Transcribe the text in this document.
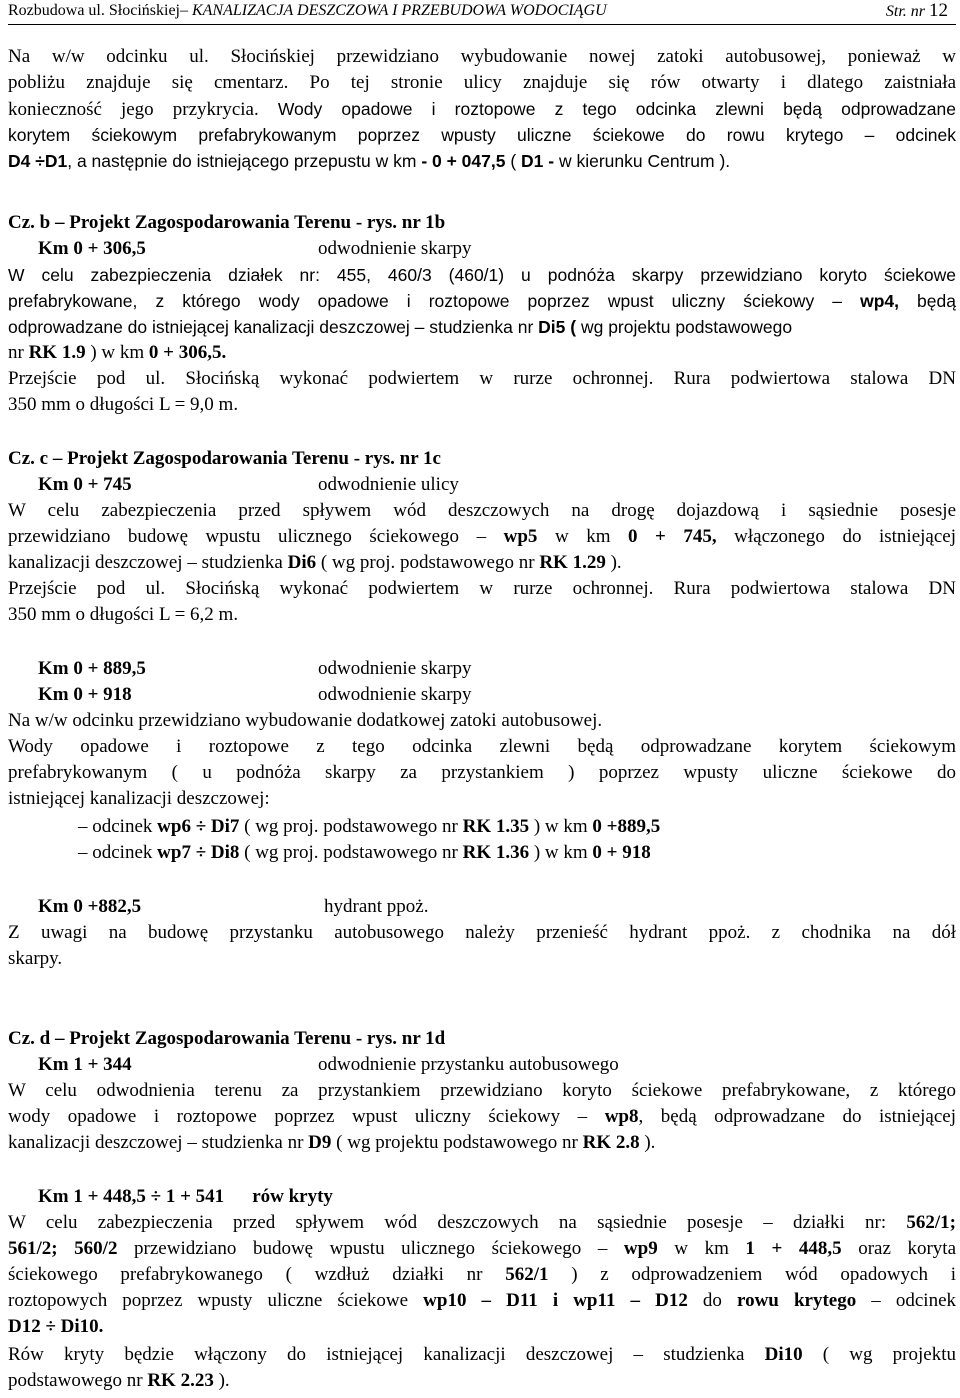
Rozbudowa ul. Słocińskiej– KANALIZACJA DESZCZOWA I PRZEBUDOWA WODOCIĄGU	Str. nr 12
Na w/w odcinku ul. Słocińskiej przewidziano wybudowanie nowej zatoki autobusowej, ponieważ w
pobliżu znajduje się cmentarz. Po tej stronie ulicy znajduje się rów otwarty i dlatego zaistniała
konieczność jego przykrycia. Wody opadowe i roztopowe z tego odcinka zlewni będą odprowadzane
korytem ściekowym prefabrykowanym poprzez wpusty uliczne ściekowe do rowu krytego – odcinek
D4 ÷D1, a następnie do istniejącego przepustu w km - 0 + 047,5 ( D1 - w kierunku Centrum ).
Cz. b – Projekt Zagospodarowania Terenu - rys. nr 1b
Km 0 + 306,5	odwodnienie skarpy
W celu zabezpieczenia działek nr: 455, 460/3 (460/1) u podnóża skarpy przewidziano koryto ściekowe
prefabrykowane, z którego wody opadowe i roztopowe poprzez wpust uliczny ściekowy – wp4, będą
odprowadzane do istniejącej kanalizacji deszczowej – studzienka nr Di5 ( wg projektu podstawowego
nr RK 1.9 ) w km 0 + 306,5.
Przejście pod ul. Słocińską wykonać podwiertem w rurze ochronnej. Rura podwiertowa stalowa DN
350 mm o długości L = 9,0 m.
Cz. c – Projekt Zagospodarowania Terenu - rys. nr 1c
Km 0 + 745	odwodnienie ulicy
W celu zabezpieczenia przed spływem wód deszczowych na drogę dojazdową i sąsiednie posesje
przewidziano budowę wpustu ulicznego ściekowego – wp5 w km 0 + 745, włączonego do istniejącej
kanalizacji deszczowej – studzienka Di6 ( wg proj. podstawowego nr RK 1.29 ).
Przejście pod ul. Słocińską wykonać podwiertem w rurze ochronnej. Rura podwiertowa stalowa DN
350 mm o długości L = 6,2 m.
Km 0 + 889,5	odwodnienie skarpy
Km 0 + 918	odwodnienie skarpy
Na w/w odcinku przewidziano wybudowanie dodatkowej zatoki autobusowej.
Wody opadowe i roztopowe z tego odcinka zlewni będą odprowadzane korytem ściekowym
prefabrykowanym ( u podnóża skarpy za przystankiem ) poprzez wpusty uliczne ściekowe do
istniejącej kanalizacji deszczowej:
– odcinek wp6 ÷ Di7 ( wg proj. podstawowego nr RK 1.35 ) w km 0 +889,5
– odcinek wp7 ÷ Di8 ( wg proj. podstawowego nr RK 1.36 ) w km 0 + 918
Km 0 +882,5	hydrant ppoż.
Z uwagi na budowę przystanku autobusowego należy przenieść hydrant ppoż. z chodnika na dół
skarpy.
Cz. d – Projekt Zagospodarowania Terenu - rys. nr 1d
Km 1 + 344	odwodnienie przystanku autobusowego
W celu odwodnienia terenu za przystankiem przewidziano koryto ściekowe prefabrykowane, z którego
wody opadowe i roztopowe poprzez wpust uliczny ściekowy – wp8, będą odprowadzane do istniejącej
kanalizacji deszczowej – studzienka nr D9 ( wg projektu podstawowego nr RK 2.8 ).
Km 1 + 448,5 ÷ 1 + 541 rów kryty
W celu zabezpieczenia przed spływem wód deszczowych na sąsiednie posesje – działki nr: 562/1;
561/2; 560/2 przewidziano budowę wpustu ulicznego ściekowego – wp9 w km 1 + 448,5 oraz koryta
ściekowego prefabrykowanego ( wzdłuż działki nr 562/1 ) z odprowadzeniem wód opadowych i
roztopowych poprzez wpusty uliczne ściekowe wp10 – D11 i wp11 – D12 do rowu krytego – odcinek
D12 ÷ Di10.
Rów kryty będzie włączony do istniejącej kanalizacji deszczowej – studzienka Di10 ( wg projektu
podstawowego nr RK 2.23 ).
